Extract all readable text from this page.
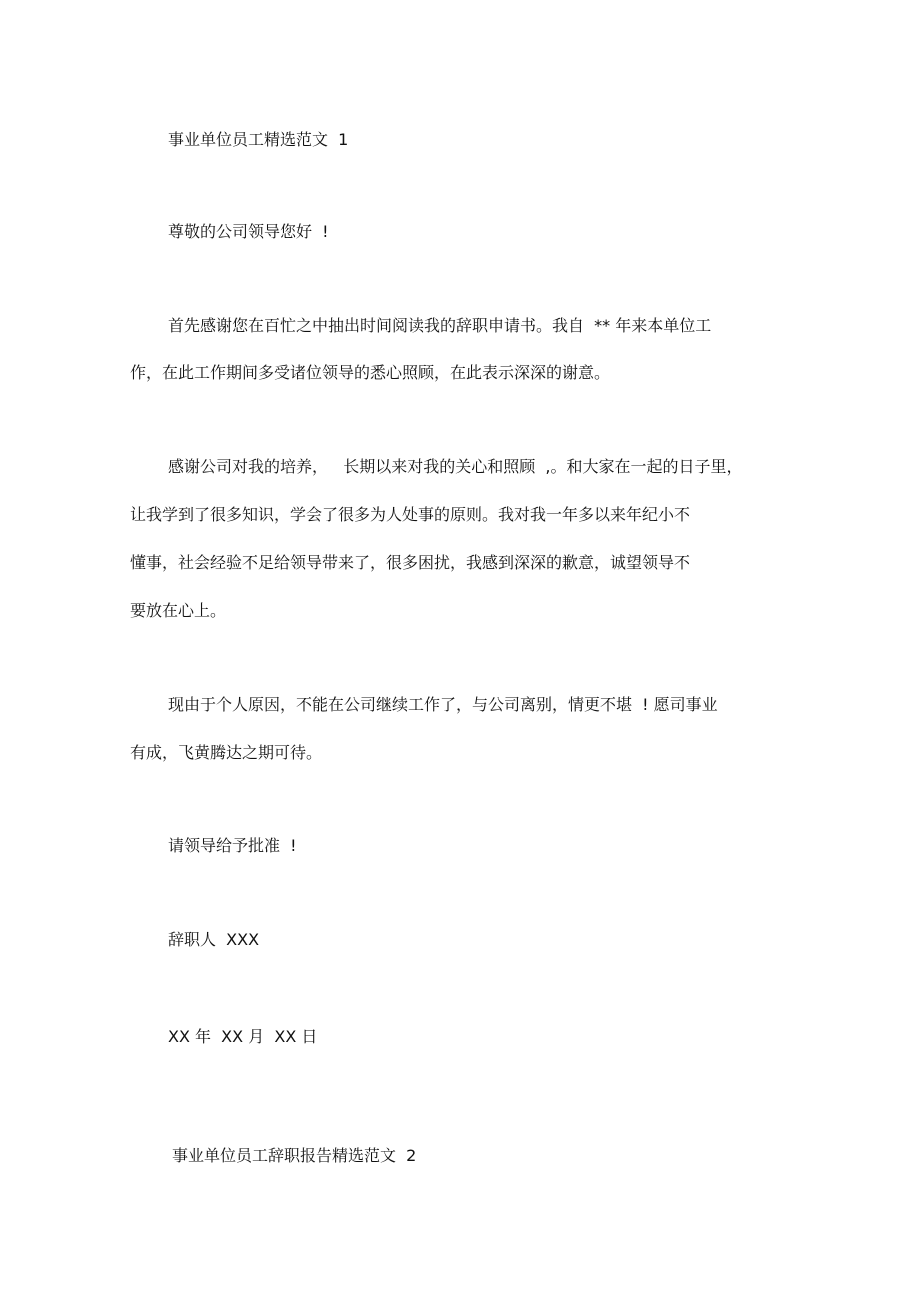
事业单位员工精选范文  1
尊敬的公司领导您好  !
首先感谢您在百忙之中抽出时间阅读我的辞职申请书。我自  ** 年来本单位工
作，在此工作期间多受诸位领导的悉心照顾，在此表示深深的谢意。
感谢公司对我的培养，   长期以来对我的关心和照顾  ,。和大家在一起的日子里，
让我学到了很多知识，学会了很多为人处事的原则。我对我一年多以来年纪小不
懂事，社会经验不足给领导带来了，很多困扰，我感到深深的歉意，诚望领导不
要放在心上。
现由于个人原因，不能在公司继续工作了，与公司离别，情更不堪  ! 愿司事业
有成，飞黄腾达之期可待。
请领导给予批准  !
辞职人  XXX
XX 年  XX 月  XX 日
事业单位员工辞职报告精选范文  2
